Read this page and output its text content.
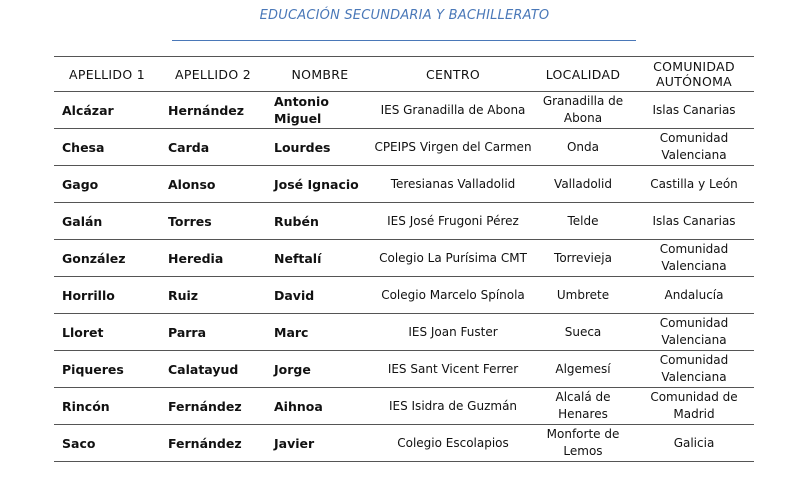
EDUCACIÓN SECUNDARIA Y BACHILLERATO
APELLIDO 1	APELLIDO 2	NOMBRE	CENTRO	LOCALIDAD	COMUNIDAD AUTÓNOMA
Alcázar	Hernández	Antonio Miguel	IES Granadilla de Abona	Granadilla de Abona	Islas Canarias
Chesa	Carda	Lourdes	CPEIPS Virgen del Carmen	Onda	Comunidad Valenciana
Gago	Alonso	José Ignacio	Teresianas Valladolid	Valladolid	Castilla y León
Galán	Torres	Rubén	IES José Frugoni Pérez	Telde	Islas Canarias
González	Heredia	Neftalí	Colegio La Purísima CMT	Torrevieja	Comunidad Valenciana
Horrillo	Ruiz	David	Colegio Marcelo Spínola	Umbrete	Andalucía
Lloret	Parra	Marc	IES Joan Fuster	Sueca	Comunidad Valenciana
Piqueres	Calatayud	Jorge	IES Sant Vicent Ferrer	Algemesí	Comunidad Valenciana
Rincón	Fernández	Aihnoa	IES Isidra de Guzmán	Alcalá de Henares	Comunidad de Madrid
Saco	Fernández	Javier	Colegio Escolapios	Monforte de Lemos	Galicia
